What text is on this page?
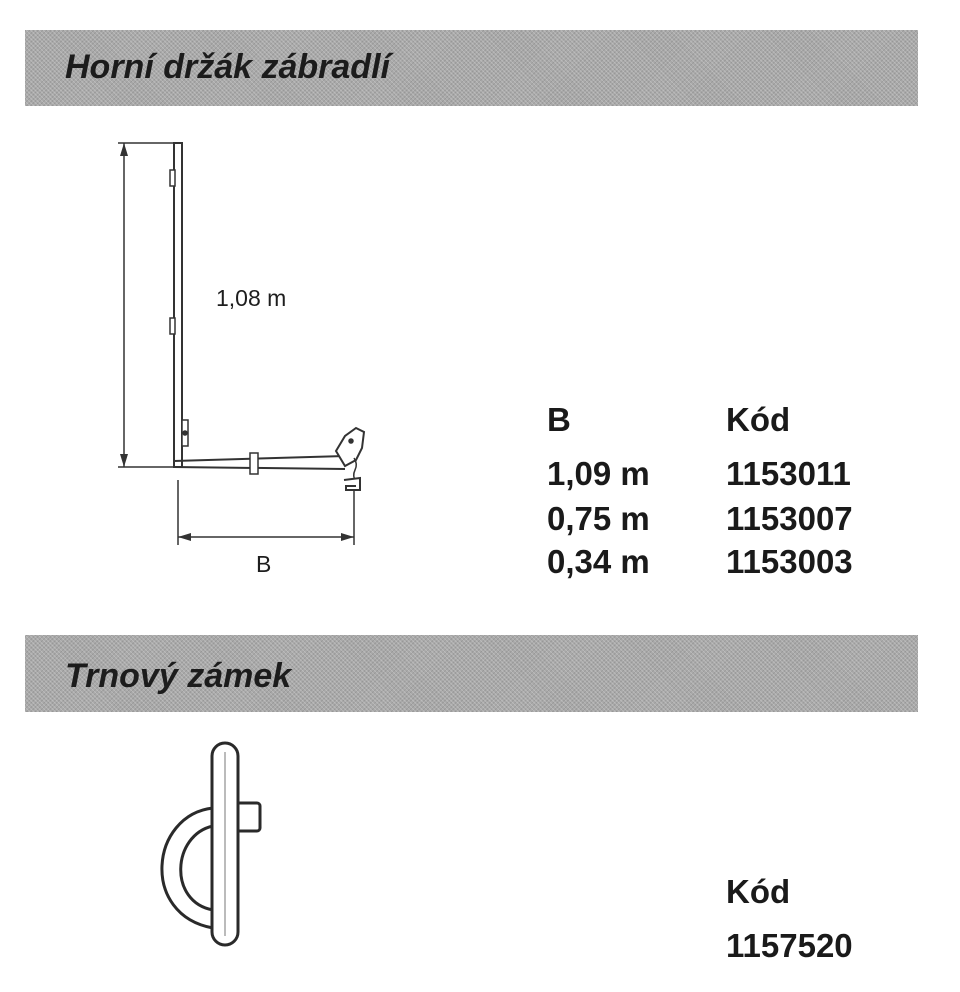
Horní držák zábradlí
1,08 m
B
B	Kód
1,09 m 1153011
0,75 m 1153007
0,34 m 1153003
Trnový zámek
Kód
1157520
